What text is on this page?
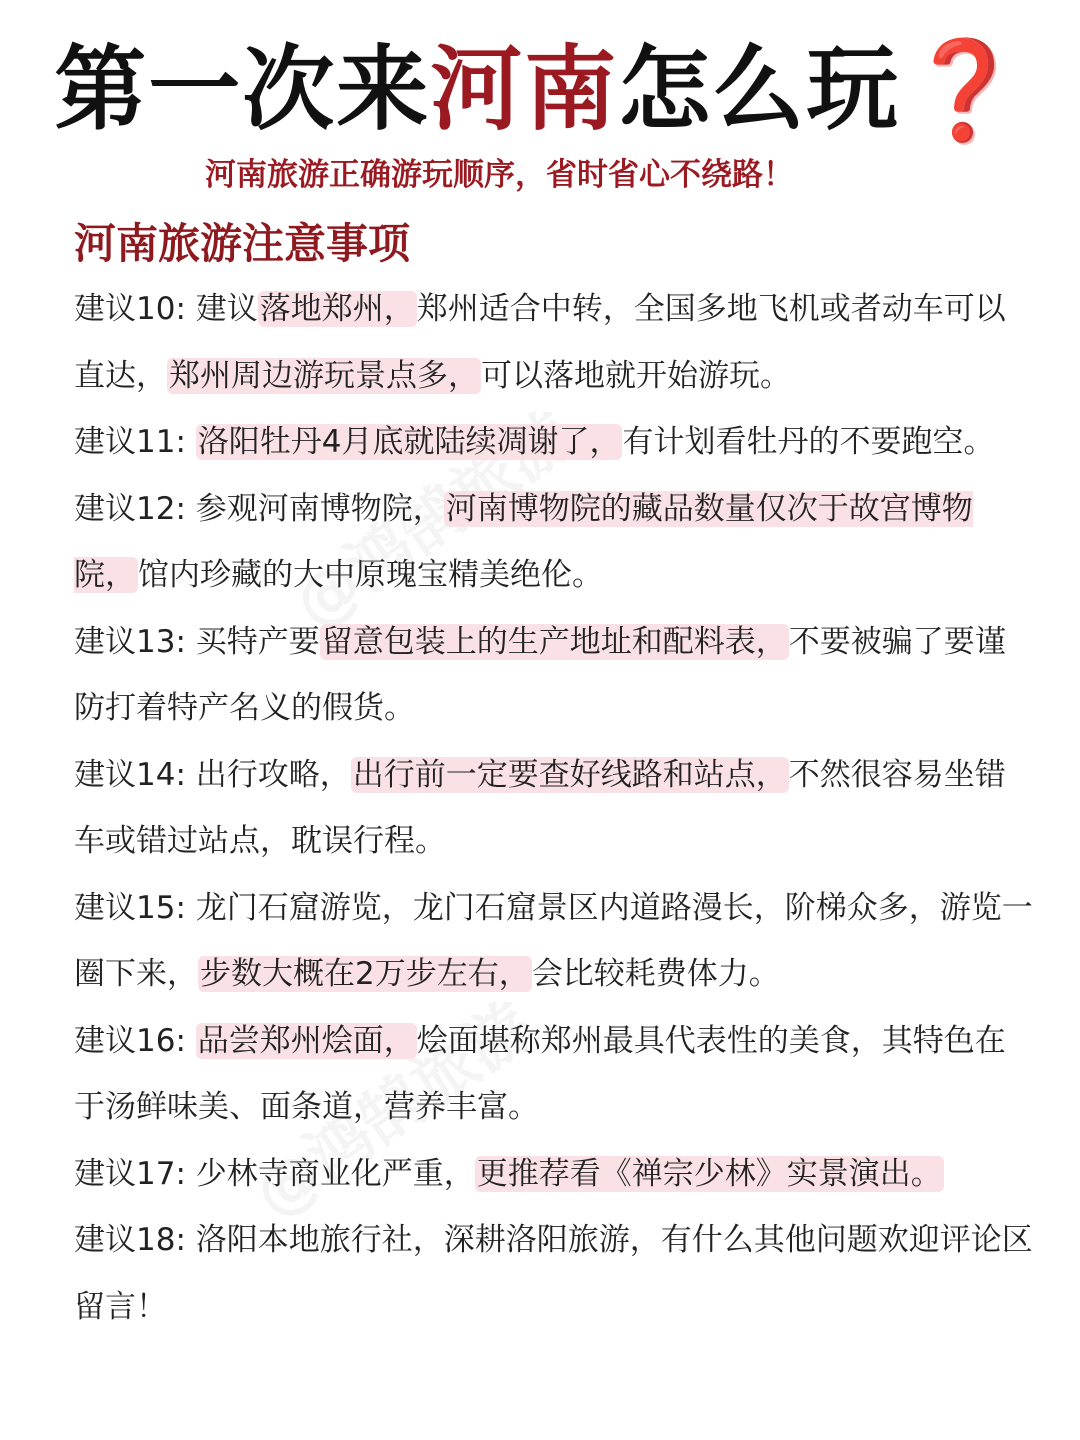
第一次来河南怎么玩❓
河南旅游正确游玩顺序，省时省心不绕路！
河南旅游注意事项

建议10: 建议落地郑州，郑州适合中转，全国多地飞机或者动车可以直达，郑州周边游玩景点多，可以落地就开始游玩。

建议11: 洛阳牡丹4月底就陆续凋谢了，有计划看牡丹的不要跑空。

建议12: 参观河南博物院，河南博物院的藏品数量仅次于故宫博物院，馆内珍藏的大中原瑰宝精美绝伦。

建议13: 买特产要留意包装上的生产地址和配料表，不要被骗了要谨防打着特产名义的假货。

建议14: 出行攻略，出行前一定要查好线路和站点，不然很容易坐错车或错过站点，耽误行程。

建议15: 龙门石窟游览，龙门石窟景区内道路漫长，阶梯众多，游览一圈下来，步数大概在2万步左右，会比较耗费体力。

建议16: 品尝郑州烩面，烩面堪称郑州最具代表性的美食，其特色在于汤鲜味美、面条道，营养丰富。

建议17: 少林寺商业化严重，更推荐看《禅宗少林》实景演出。

建议18: 洛阳本地旅行社，深耕洛阳旅游，有什么其他问题欢迎评论区留言！
